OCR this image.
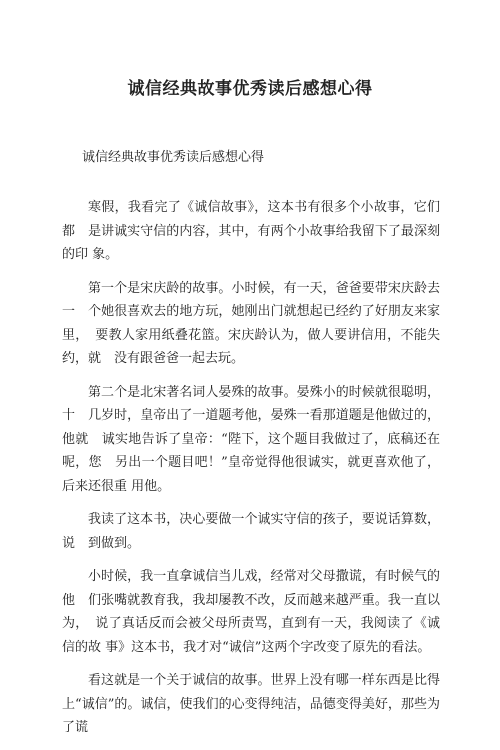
诚信经典故事优秀读后感想心得

诚信经典故事优秀读后感想心得

寒假，我看完了《诚信故事》，这本书有很多个小故事，它们都　是讲诚实守信的内容，其中，有两个小故事给我留下了最深刻的印 象。

第一个是宋庆龄的故事。小时候，有一天，爸爸要带宋庆龄去一　个她很喜欢去的地方玩，她刚出门就想起已经约了好朋友来家里，　要教人家用纸叠花篮。宋庆龄认为，做人要讲信用，不能失约，就　没有跟爸爸一起去玩。

第二个是北宋著名词人晏殊的故事。晏殊小的时候就很聪明，十　几岁时，皇帝出了一道题考他，晏殊一看那道题是他做过的，他就　诚实地告诉了皇帝：“陛下，这个题目我做过了，底稿还在呢，您　另出一个题目吧！”皇帝觉得他很诚实，就更喜欢他了，后来还很重 用他。

我读了这本书，决心要做一个诚实守信的孩子，要说话算数，说　到做到。

小时候，我一直拿诚信当儿戏，经常对父母撒谎，有时候气的他　们张嘴就教育我，我却屡教不改，反而越来越严重。我一直以为，　说了真话反而会被父母所责骂，直到有一天，我阅读了《诚信的故 事》这本书，我才对“诚信”这两个字改变了原先的看法。

看这就是一个关于诚信的故事。世界上没有哪一样东西是比得上“诚信”的。诚信，使我们的心变得纯洁，品德变得美好，那些为了谎
